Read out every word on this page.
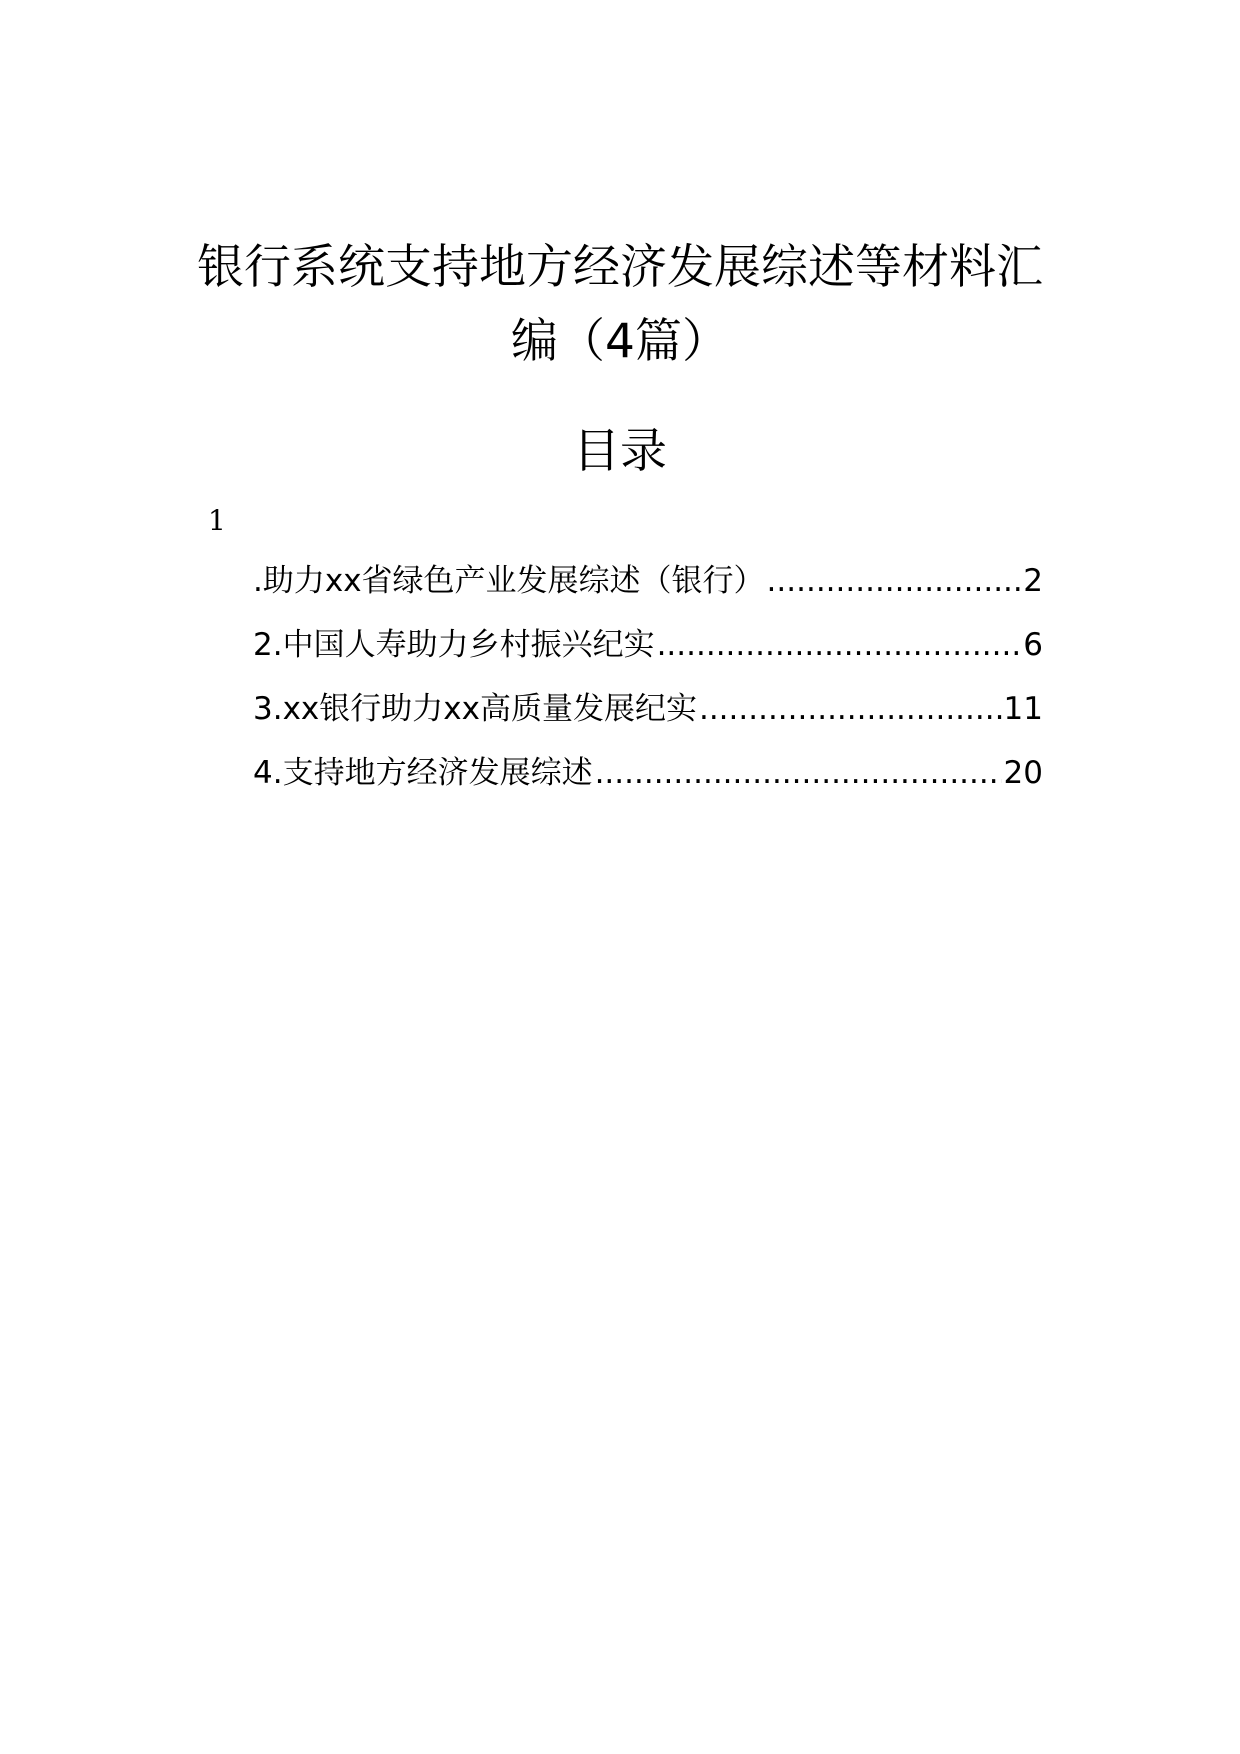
银行系统支持地方经济发展综述等材料汇
编（4篇）
目录
1
.助力xx省绿色产业发展综述（银行） .....	2
2.中国人寿助力乡村振兴纪实 .....	6
3.xx银行助力xx高质量发展纪实 .....	11
4.支持地方经济发展综述 .....	20
